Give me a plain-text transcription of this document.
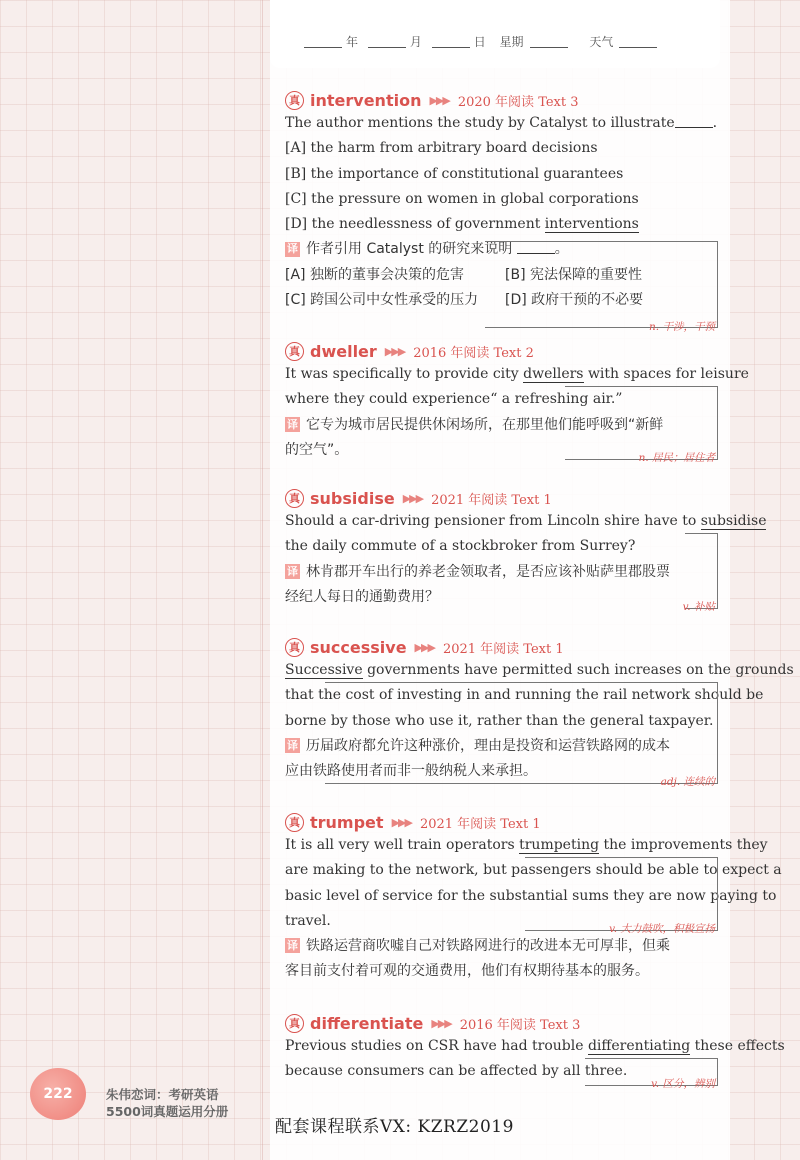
年	月	日 星期	天气
真 intervention ▶▶▶ 2020 年阅读 Text 3
The author mentions the study by Catalyst to illustrate	.
[A] the harm from arbitrary board decisions
[B] the importance of constitutional guarantees
[C] the pressure on women in global corporations
[D] the needlessness of government interventions
译 作者引用 Catalyst 的研究来说明	。
[A] 独断的董事会决策的危害	[B] 宪法保障的重要性
[C] 跨国公司中女性承受的压力	[D] 政府干预的不必要
n. 干涉，干预
真 dweller ▶▶▶ 2016 年阅读 Text 2
It was specifically to provide city dwellers with spaces for leisure
where they could experience“ a refreshing air.”
译 它专为城市居民提供休闲场所，在那里他们能呼吸到“新鲜
的空气”。
n. 居民；居住者
真 subsidise ▶▶▶ 2021 年阅读 Text 1
Should a car-driving pensioner from Lincoln shire have to subsidise
the daily commute of a stockbroker from Surrey?
译 林肯郡开车出行的养老金领取者，是否应该补贴萨里郡股票
经纪人每日的通勤费用？
v. 补贴
真 successive ▶▶▶ 2021 年阅读 Text 1
Successive governments have permitted such increases on the grounds
that the cost of investing in and running the rail network should be
borne by those who use it, rather than the general taxpayer.
译 历届政府都允许这种涨价，理由是投资和运营铁路网的成本
应由铁路使用者而非一般纳税人来承担。
adj. 连续的
真 trumpet ▶▶▶ 2021 年阅读 Text 1
It is all very well train operators trumpeting the improvements they
are making to the network, but passengers should be able to expect a
basic level of service for the substantial sums they are now paying to
travel.
译 铁路运营商吹嘘自己对铁路网进行的改进本无可厚非，但乘
客目前支付着可观的交通费用，他们有权期待基本的服务。
v. 大力鼓吹，积极宣扬
真 differentiate ▶▶▶ 2016 年阅读 Text 3
Previous studies on CSR have had trouble differentiating these effects
because consumers can be affected by all three.
v. 区分，辨别
222	朱伟恋词：考研英语
5500词真题运用分册
配套课程联系VX: KZRZ2019
